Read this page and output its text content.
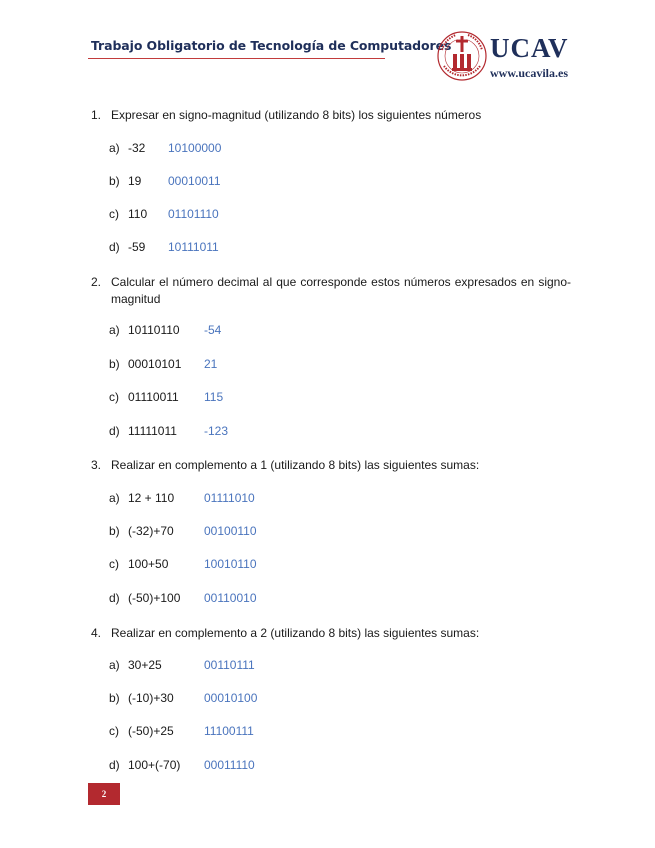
Trabajo Obligatorio de Tecnología de Computadores UCAV
www.ucavila.es
1. Expresar en signo-magnitud (utilizando 8 bits) los siguientes números
a) -32 10100000
b) 19 00010011
c) 110 01101110
d) -59 10111011
2. Calcular el número decimal al que corresponde estos números expresados en signo-magnitud
a) 10110110 -54
b) 00010101 21
c) 01110011 115
d) 11111011 -123
3. Realizar en complemento a 1 (utilizando 8 bits) las siguientes sumas:
a) 12 + 110 01111010
b) (-32)+70	00100110
c) 100+50	10010110
d) (-50)+100 00110010
4. Realizar en complemento a 2 (utilizando 8 bits) las siguientes sumas:
a) 30+25	00110111
b) (-10)+30	00010100
c) (-50)+25	11100111
d) 100+(-70) 00011110
2
